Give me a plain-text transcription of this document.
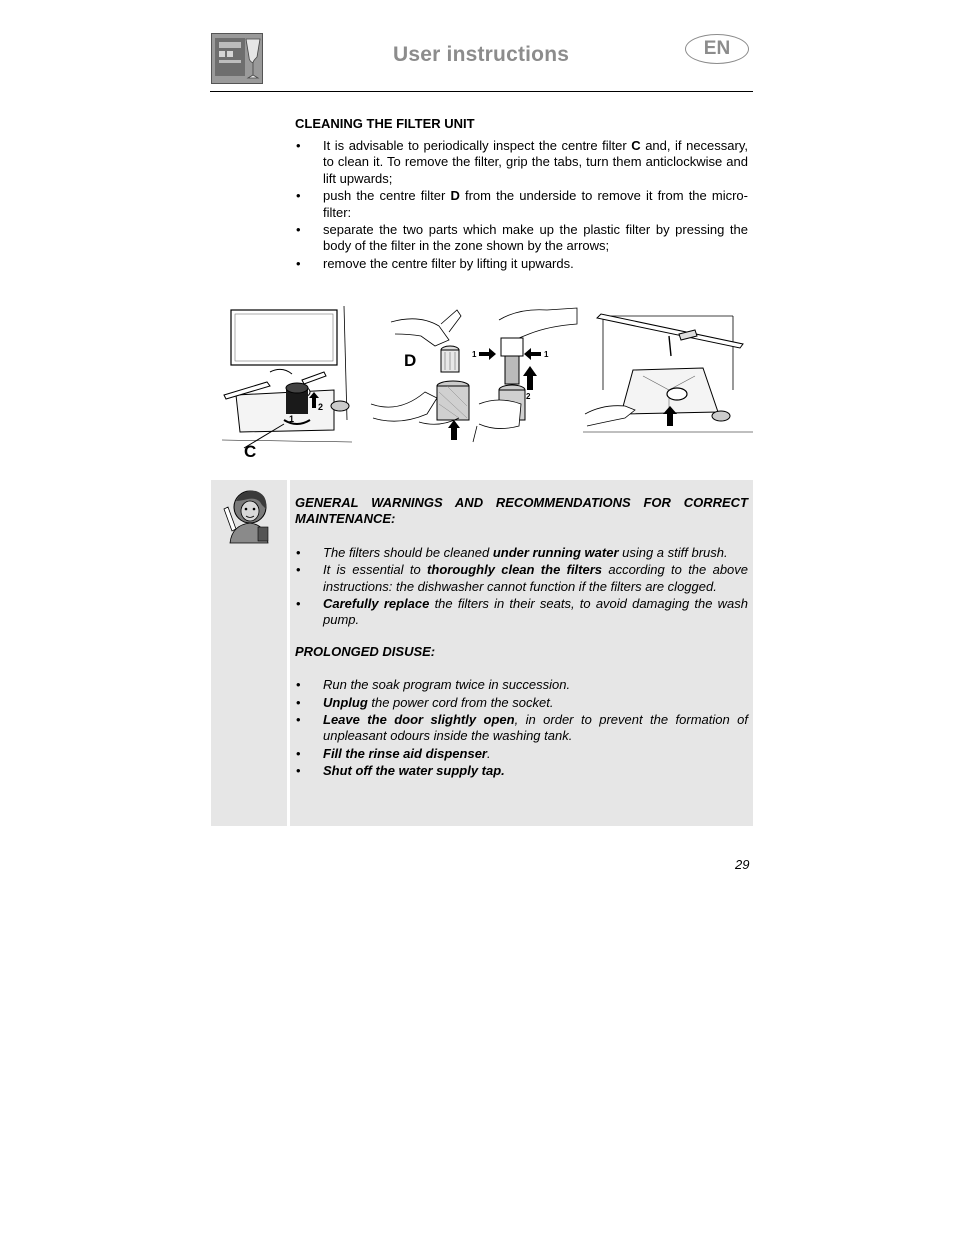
User instructions	EN
CLEANING THE FILTER UNIT
• It is advisable to periodically inspect the centre filter C and, if necessary, to clean it. To remove the filter, grip the tabs, turn them anticlockwise and lift upwards;
• push the centre filter D from the underside to remove it from the micro-filter:
• separate the two parts which make up the plastic filter by pressing the body of the filter in the zone shown by the arrows;
• remove the centre filter by lifting it upwards.
2
1
C
D	1	1
2
GENERAL WARNINGS AND RECOMMENDATIONS FOR CORRECT MAINTENANCE:
• The filters should be cleaned under running water using a stiff brush.
• It is essential to thoroughly clean the filters according to the above instructions: the dishwasher cannot function if the filters are clogged.
• Carefully replace the filters in their seats, to avoid damaging the wash pump.
PROLONGED DISUSE:
• Run the soak program twice in succession.
• Unplug the power cord from the socket.
• Leave the door slightly open, in order to prevent the formation of unpleasant odours inside the washing tank.
• Fill the rinse aid dispenser.
• Shut off the water supply tap.
29
